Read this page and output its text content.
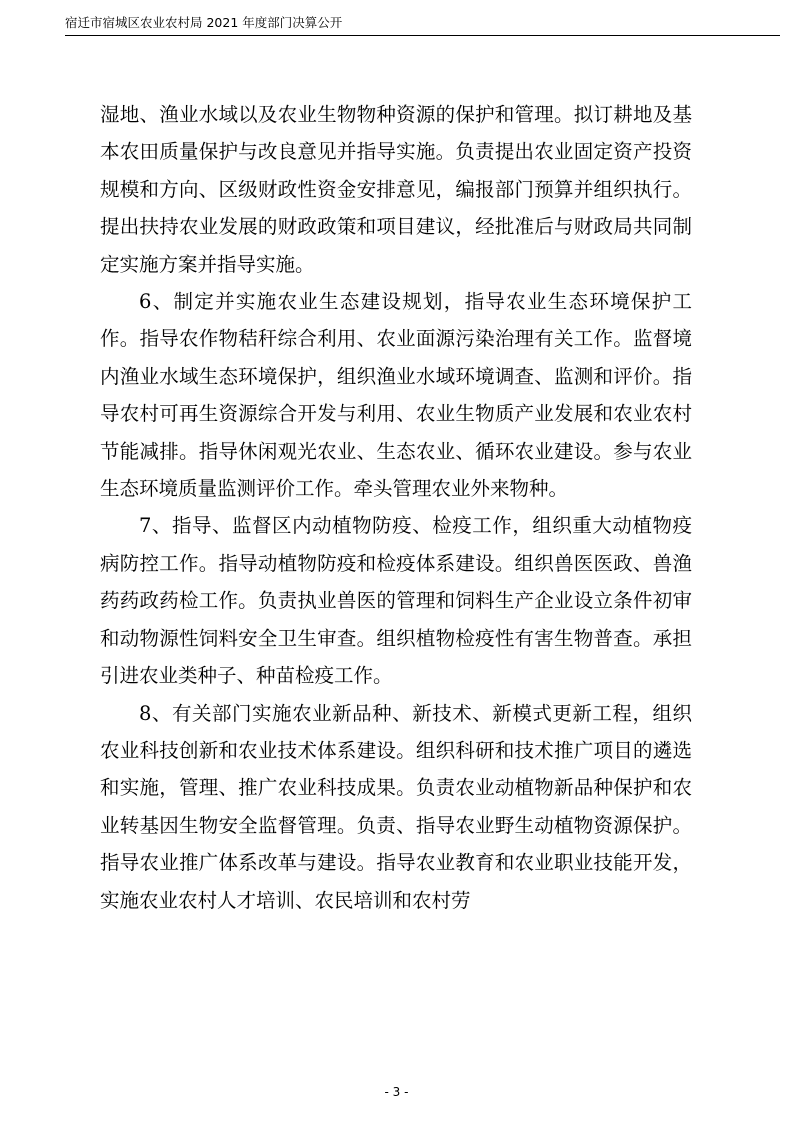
宿迁市宿城区农业农村局 2021 年度部门决算公开

湿地、渔业水域以及农业生物物种资源的保护和管理。拟订耕地及基本农田质量保护与改良意见并指导实施。负责提出农业固定资产投资规模和方向、区级财政性资金安排意见，编报部门预算并组织执行。提出扶持农业发展的财政政策和项目建议，经批准后与财政局共同制定实施方案并指导实施。

6、制定并实施农业生态建设规划，指导农业生态环境保护工作。指导农作物秸秆综合利用、农业面源污染治理有关工作。监督境内渔业水域生态环境保护，组织渔业水域环境调查、监测和评价。指导农村可再生资源综合开发与利用、农业生物质产业发展和农业农村节能减排。指导休闲观光农业、生态农业、循环农业建设。参与农业生态环境质量监测评价工作。牵头管理农业外来物种。

7、指导、监督区内动植物防疫、检疫工作，组织重大动植物疫病防控工作。指导动植物防疫和检疫体系建设。组织兽医医政、兽渔药药政药检工作。负责执业兽医的管理和饲料生产企业设立条件初审和动物源性饲料安全卫生审查。组织植物检疫性有害生物普查。承担引进农业类种子、种苗检疫工作。

8、有关部门实施农业新品种、新技术、新模式更新工程，组织农业科技创新和农业技术体系建设。组织科研和技术推广项目的遴选和实施，管理、推广农业科技成果。负责农业动植物新品种保护和农业转基因生物安全监督管理。负责、指导农业野生动植物资源保护。指导农业推广体系改革与建设。指导农业教育和农业职业技能开发，实施农业农村人才培训、农民培训和农村劳

- 3 -
